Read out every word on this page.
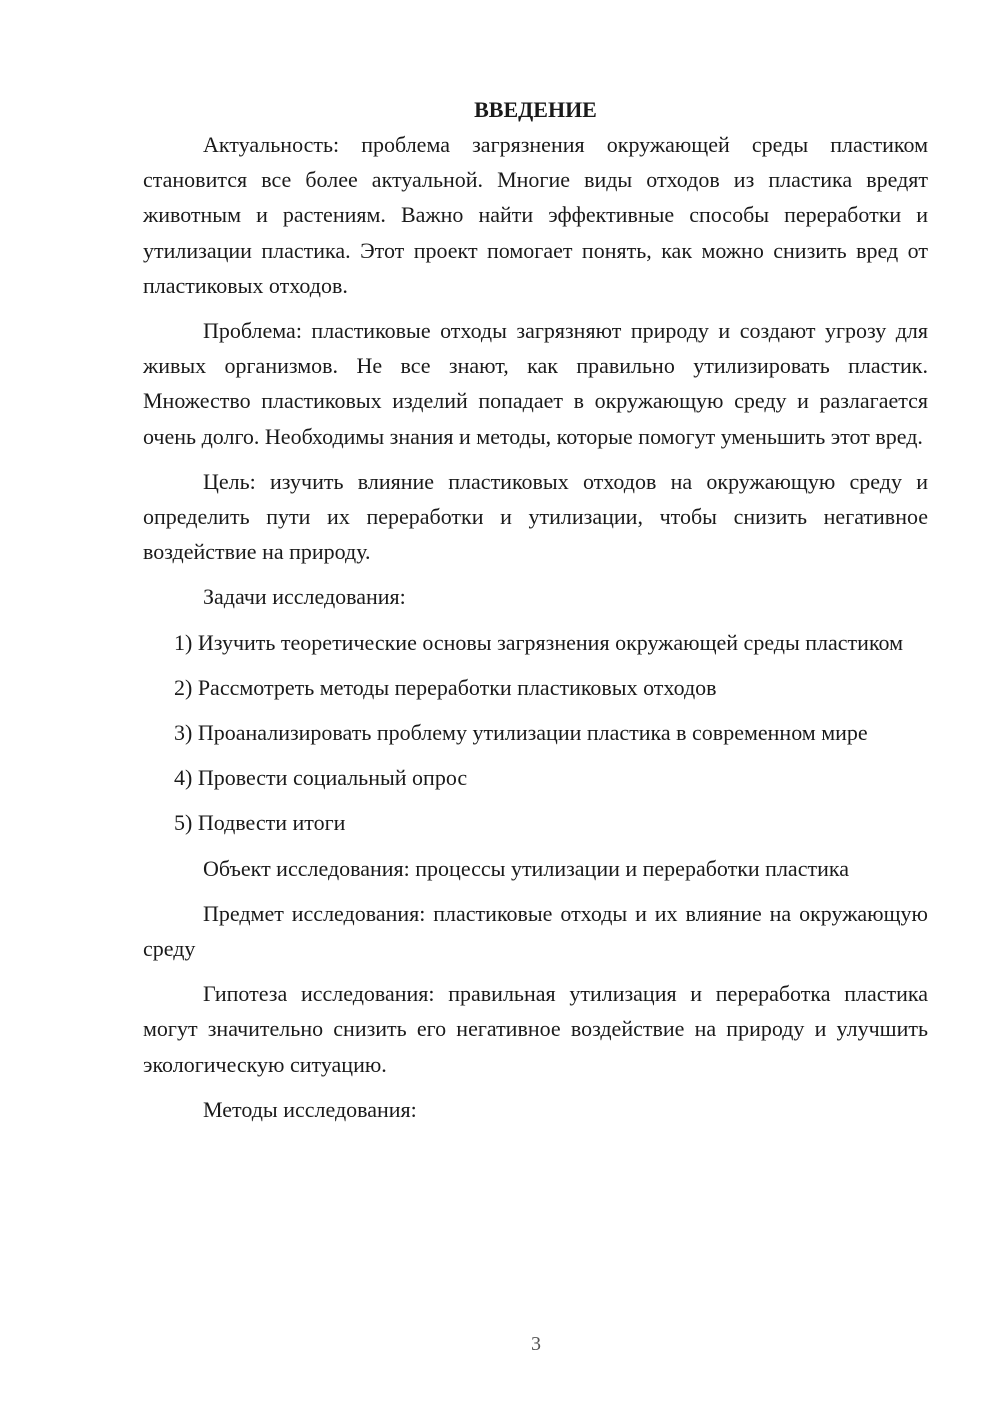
ВВЕДЕНИЕ

Актуальность: проблема загрязнения окружающей среды пластиком становится все более актуальной. Многие виды отходов из пластика вредят животным и растениям. Важно найти эффективные способы переработки и утилизации пластика. Этот проект помогает понять, как можно снизить вред от пластиковых отходов.

Проблема: пластиковые отходы загрязняют природу и создают угрозу для живых организмов. Не все знают, как правильно утилизировать пластик. Множество пластиковых изделий попадает в окружающую среду и разлагается очень долго. Необходимы знания и методы, которые помогут уменьшить этот вред.

Цель: изучить влияние пластиковых отходов на окружающую среду и определить пути их переработки и утилизации, чтобы снизить негативное воздействие на природу.

Задачи исследования:

1) Изучить теоретические основы загрязнения окружающей среды пластиком

2) Рассмотреть методы переработки пластиковых отходов

3) Проанализировать проблему утилизации пластика в современном мире

4) Провести социальный опрос

5) Подвести итоги

Объект исследования: процессы утилизации и переработки пластика

Предмет исследования: пластиковые отходы и их влияние на окружающую среду

Гипотеза исследования: правильная утилизация и переработка пластика могут значительно снизить его негативное воздействие на природу и улучшить экологическую ситуацию.

Методы исследования:

3
